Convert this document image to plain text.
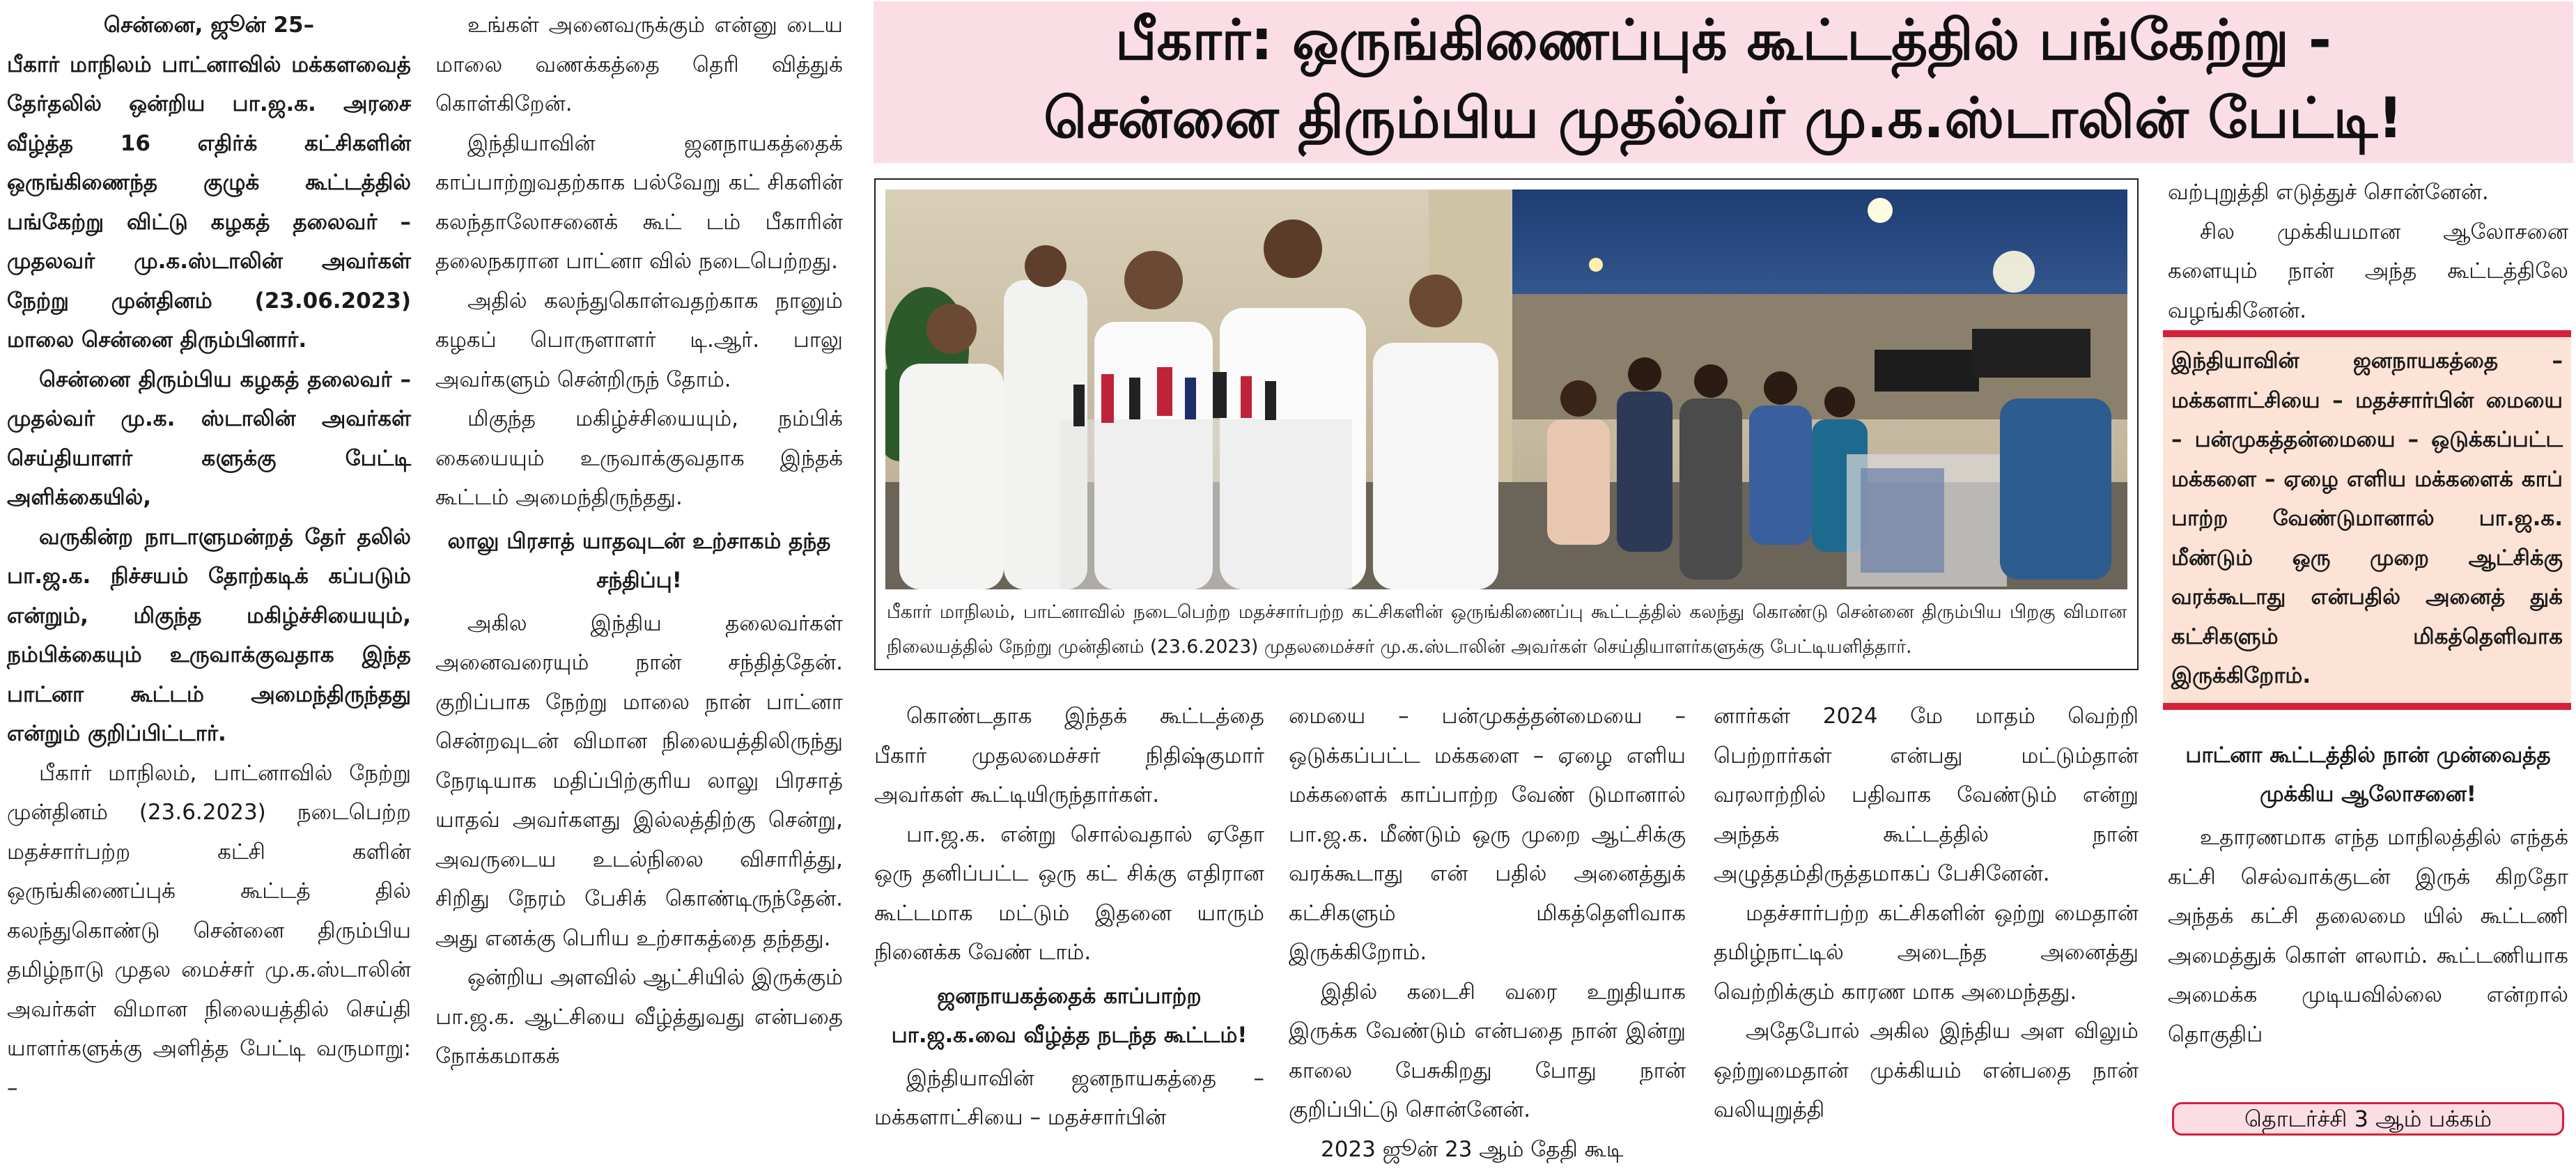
சென்னை, ஜூன் 25–

பீகார் மாநிலம் பாட்னாவில் மக்களவைத் தேர்தலில் ஒன்றிய பா.ஜ.க. அரசை வீழ்த்த 16 எதிர்க் கட்சிகளின் ஒருங்கிணைந்த குழுக் கூட்டத்தில் பங்கேற்று விட்டு கழகத் தலைவர் – முதலவர் மு.க.ஸ்டாலின் அவர்கள் நேற்று முன்தினம் (23.06.2023) மாலை சென்னை திரும்பினார்.

சென்னை திரும்பிய கழகத் தலைவர் – முதல்வர் மு.க. ஸ்டாலின் அவர்கள் செய்தியாளர் களுக்கு பேட்டி அளிக்கையில்,

வருகின்ற நாடாளுமன்றத் தேர் தலில் பா.ஜ.க. நிச்சயம் தோற்கடிக் கப்படும் என்றும், மிகுந்த மகிழ்ச்சியையும், நம்பிக்கையும் உருவாக்குவதாக இந்த பாட்னா கூட்டம் அமைந்திருந்தது என்றும் குறிப்பிட்டார்.

பீகார் மாநிலம், பாட்னாவில் நேற்று முன்தினம் (23.6.2023) நடைபெற்ற மதச்சார்பற்ற கட்சி களின் ஒருங்கிணைப்புக் கூட்டத் தில் கலந்துகொண்டு சென்னை திரும்பிய தமிழ்நாடு முதல மைச்சர் மு.க.ஸ்டாலின் அவர்கள் விமான நிலையத்தில் செய்தி யாளர்களுக்கு அளித்த பேட்டி வருமாறு: –

உங்கள் அனைவருக்கும் என்னு டைய மாலை வணக்கத்தை தெரி வித்துக் கொள்கிறேன்.

இந்தியாவின் ஜனநாயகத்தைக் காப்பாற்றுவதற்காக பல்வேறு கட் சிகளின் கலந்தாலோசனைக் கூட் டம் பீகாரின் தலைநகரான பாட்னா வில் நடைபெற்றது.

அதில் கலந்துகொள்வதற்காக நானும் கழகப் பொருளாளர் டி.ஆர். பாலு அவர்களும் சென்றிருந் தோம்.

மிகுந்த மகிழ்ச்சியையும், நம்பிக் கையையும் உருவாக்குவதாக இந்தக் கூட்டம் அமைந்திருந்தது.

லாலு பிரசாத் யாதவுடன் உற்சாகம் தந்த சந்திப்பு!

அகில இந்திய தலைவர்கள் அனைவரையும் நான் சந்தித்தேன். குறிப்பாக நேற்று மாலை நான் பாட்னா சென்றவுடன் விமான நிலையத்திலிருந்து நேரடியாக மதிப்பிற்குரிய லாலு பிரசாத் யாதவ் அவர்களது இல்லத்திற்கு சென்று, அவருடைய உடல்நிலை விசாரித்து, சிறிது நேரம் பேசிக் கொண்டிருந்தேன். அது எனக்கு பெரிய உற்சாகத்தை தந்தது.

ஒன்றிய அளவில் ஆட்சியில் இருக்கும் பா.ஜ.க. ஆட்சியை வீழ்த்துவது என்பதை நோக்கமாகக்

பீகார்: ஒருங்கிணைப்புக் கூட்டத்தில் பங்கேற்று -
சென்னை திரும்பிய முதல்வர் மு.க.ஸ்டாலின் பேட்டி!
பீகார் மாநிலம், பாட்னாவில் நடைபெற்ற மதச்சார்பற்ற கட்சிகளின் ஒருங்கிணைப்பு கூட்டத்தில் கலந்து கொண்டு சென்னை திரும்பிய பிறகு விமான நிலையத்தில் நேற்று முன்தினம் (23.6.2023) முதலமைச்சர் மு.க.ஸ்டாலின் அவர்கள் செய்தியாளர்களுக்கு பேட்டியளித்தார்.

கொண்டதாக இந்தக் கூட்டத்தை பீகார் முதலமைச்சர் நிதிஷ்குமார் அவர்கள் கூட்டியிருந்தார்கள்.

பா.ஜ.க. என்று சொல்வதால் ஏதோ ஒரு தனிப்பட்ட ஒரு கட் சிக்கு எதிரான கூட்டமாக மட்டும் இதனை யாரும் நினைக்க வேண் டாம்.

ஜனநாயகத்தைக் காப்பாற்ற பா.ஜ.க.வை வீழ்த்த நடந்த கூட்டம்!

இந்தியாவின் ஜனநாயகத்தை – மக்களாட்சியை – மதச்சார்பின்

மையை – பன்முகத்தன்மையை – ஒடுக்கப்பட்ட மக்களை – ஏழை எளிய மக்களைக் காப்பாற்ற வேண் டுமானால் பா.ஜ.க. மீண்டும் ஒரு முறை ஆட்சிக்கு வரக்கூடாது என் பதில் அனைத்துக் கட்சிகளும் மிகத்தெளிவாக இருக்கிறோம்.

இதில் கடைசி வரை உறுதியாக இருக்க வேண்டும் என்பதை நான் இன்று காலை பேசுகிறது போது நான் குறிப்பிட்டு சொன்னேன்.

2023 ஜூன் 23 ஆம் தேதி கூடி

னார்கள் 2024 மே மாதம் வெற்றி பெற்றார்கள் என்பது மட்டும்தான் வரலாற்றில் பதிவாக வேண்டும் என்று அந்தக் கூட்டத்தில் நான் அழுத்தம்திருத்தமாகப் பேசினேன்.

மதச்சார்பற்ற கட்சிகளின் ஒற்று மைதான் தமிழ்நாட்டில் அடைந்த அனைத்து வெற்றிக்கும் காரண மாக அமைந்தது.

அதேபோல் அகில இந்திய அள விலும் ஒற்றுமைதான் முக்கியம் என்பதை நான் வலியுறுத்தி

வற்புறுத்தி எடுத்துச் சொன்னேன்.

சில முக்கியமான ஆலோசனை களையும் நான் அந்த கூட்டத்திலே வழங்கினேன்.

இந்தியாவின் ஜனநாயகத்தை – மக்களாட்சியை – மதச்சார்பின் மையை – பன்முகத்தன்மையை – ஒடுக்கப்பட்ட மக்களை – ஏழை எளிய மக்களைக் காப் பாற்ற வேண்டுமானால் பா.ஜ.க. மீண்டும் ஒரு முறை ஆட்சிக்கு வரக்கூடாது என்பதில் அனைத் துக் கட்சிகளும் மிகத்தெளிவாக இருக்கிறோம்.

பாட்னா கூட்டத்தில் நான் முன்வைத்த முக்கிய ஆலோசனை!

உதாரணமாக எந்த மாநிலத்தில் எந்தக் கட்சி செல்வாக்குடன் இருக் கிறதோ அந்தக் கட்சி தலைமை யில் கூட்டணி அமைத்துக் கொள் ளலாம். கூட்டணியாக அமைக்க முடியவில்லை என்றால் தொகுதிப்

தொடர்ச்சி 3 ஆம் பக்கம்
